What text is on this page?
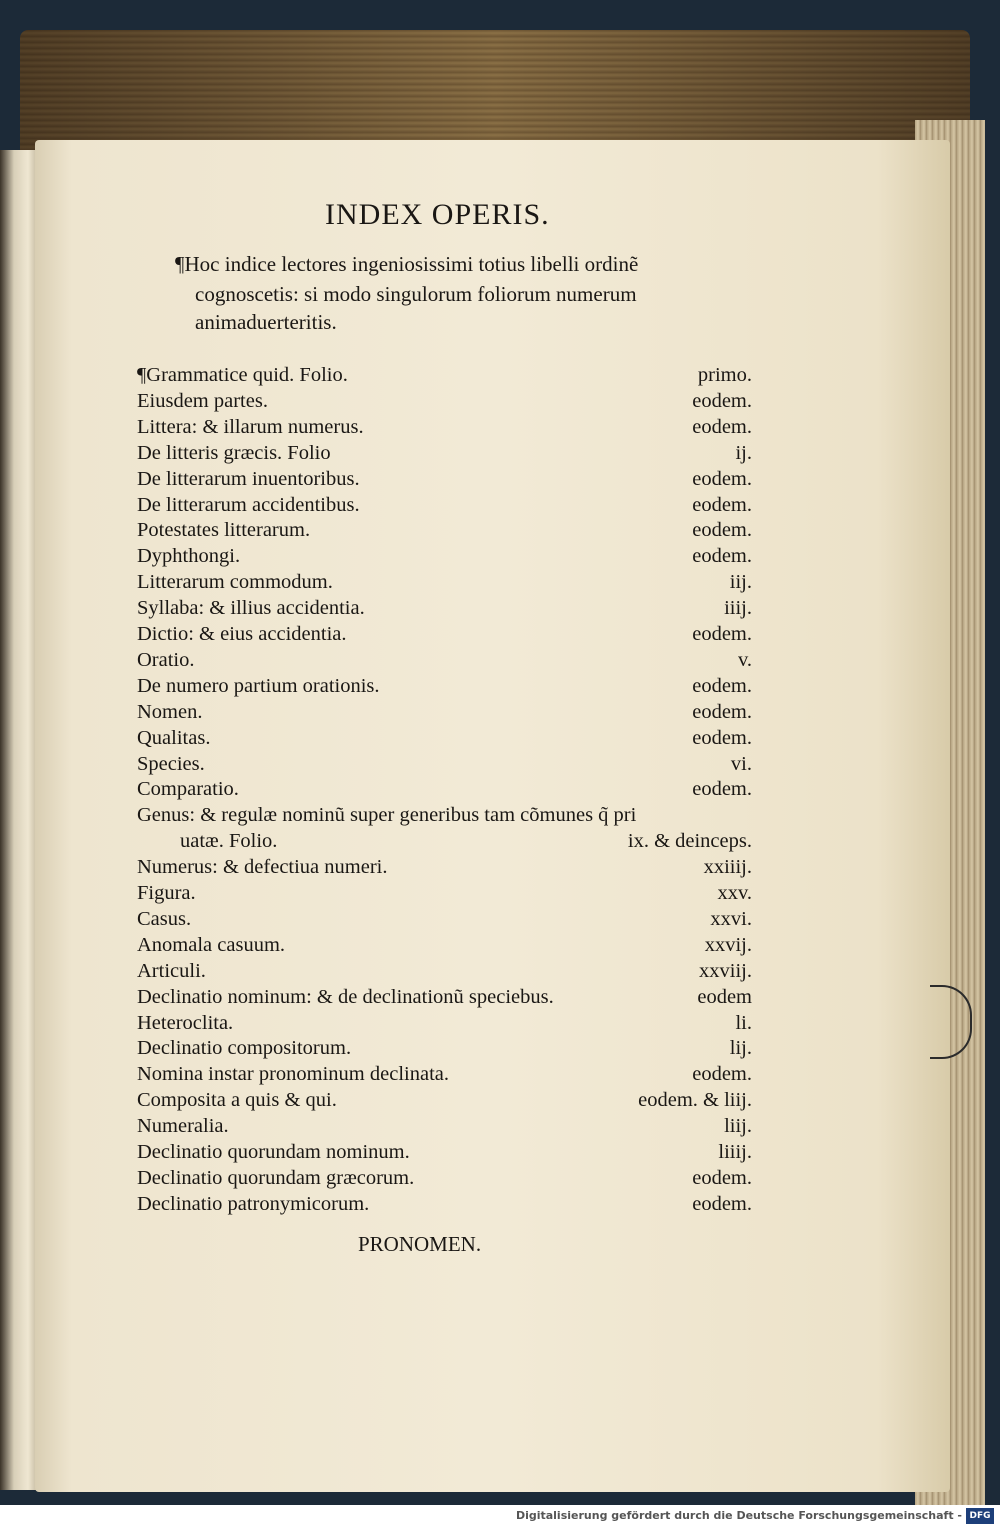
INDEX OPERIS.
¶Hoc indice lectores ingeniosissimi totius libelli ordinẽ
cognoscetis: si modo singulorum foliorum numerum
animaduerteritis.
¶Grammatice quid. Folio.	primo.
Eiusdem partes.	eodem.
Littera: & illarum numerus.	eodem.
De litteris græcis. Folio	ij.
De litterarum inuentoribus.	eodem.
De litterarum accidentibus.	eodem.
Potestates litterarum.	eodem.
Dyphthongi.	eodem.
Litterarum commodum.	iij.
Syllaba: & illius accidentia.	iiij.
Dictio: & eius accidentia.	eodem.
Oratio.	v.
De numero partium orationis.	eodem.
Nomen.	eodem.
Qualitas.	eodem.
Species.	vi.
Comparatio.	eodem.
Genus: & regulæ nominũ super generibus tam cõmunes q̃ pri
uatæ. Folio.	ix. & deinceps.
Numerus: & defectiua numeri.	xxiiij.
Figura.	xxv.
Casus.	xxvi.
Anomala casuum.	xxvij.
Articuli.	xxviij.
Declinatio nominum: & de declinationũ speciebus.	eodem
Heteroclita.	li.
Declinatio compositorum.	lij.
Nomina instar pronominum declinata.	eodem.
Composita a quis & qui.	eodem. & liij.
Numeralia.	liij.
Declinatio quorundam nominum.	liiij.
Declinatio quorundam græcorum.	eodem.
Declinatio patronymicorum.	eodem.
PRONOMEN.
Digitalisierung gefördert durch die Deutsche Forschungsgemeinschaft - DFG
